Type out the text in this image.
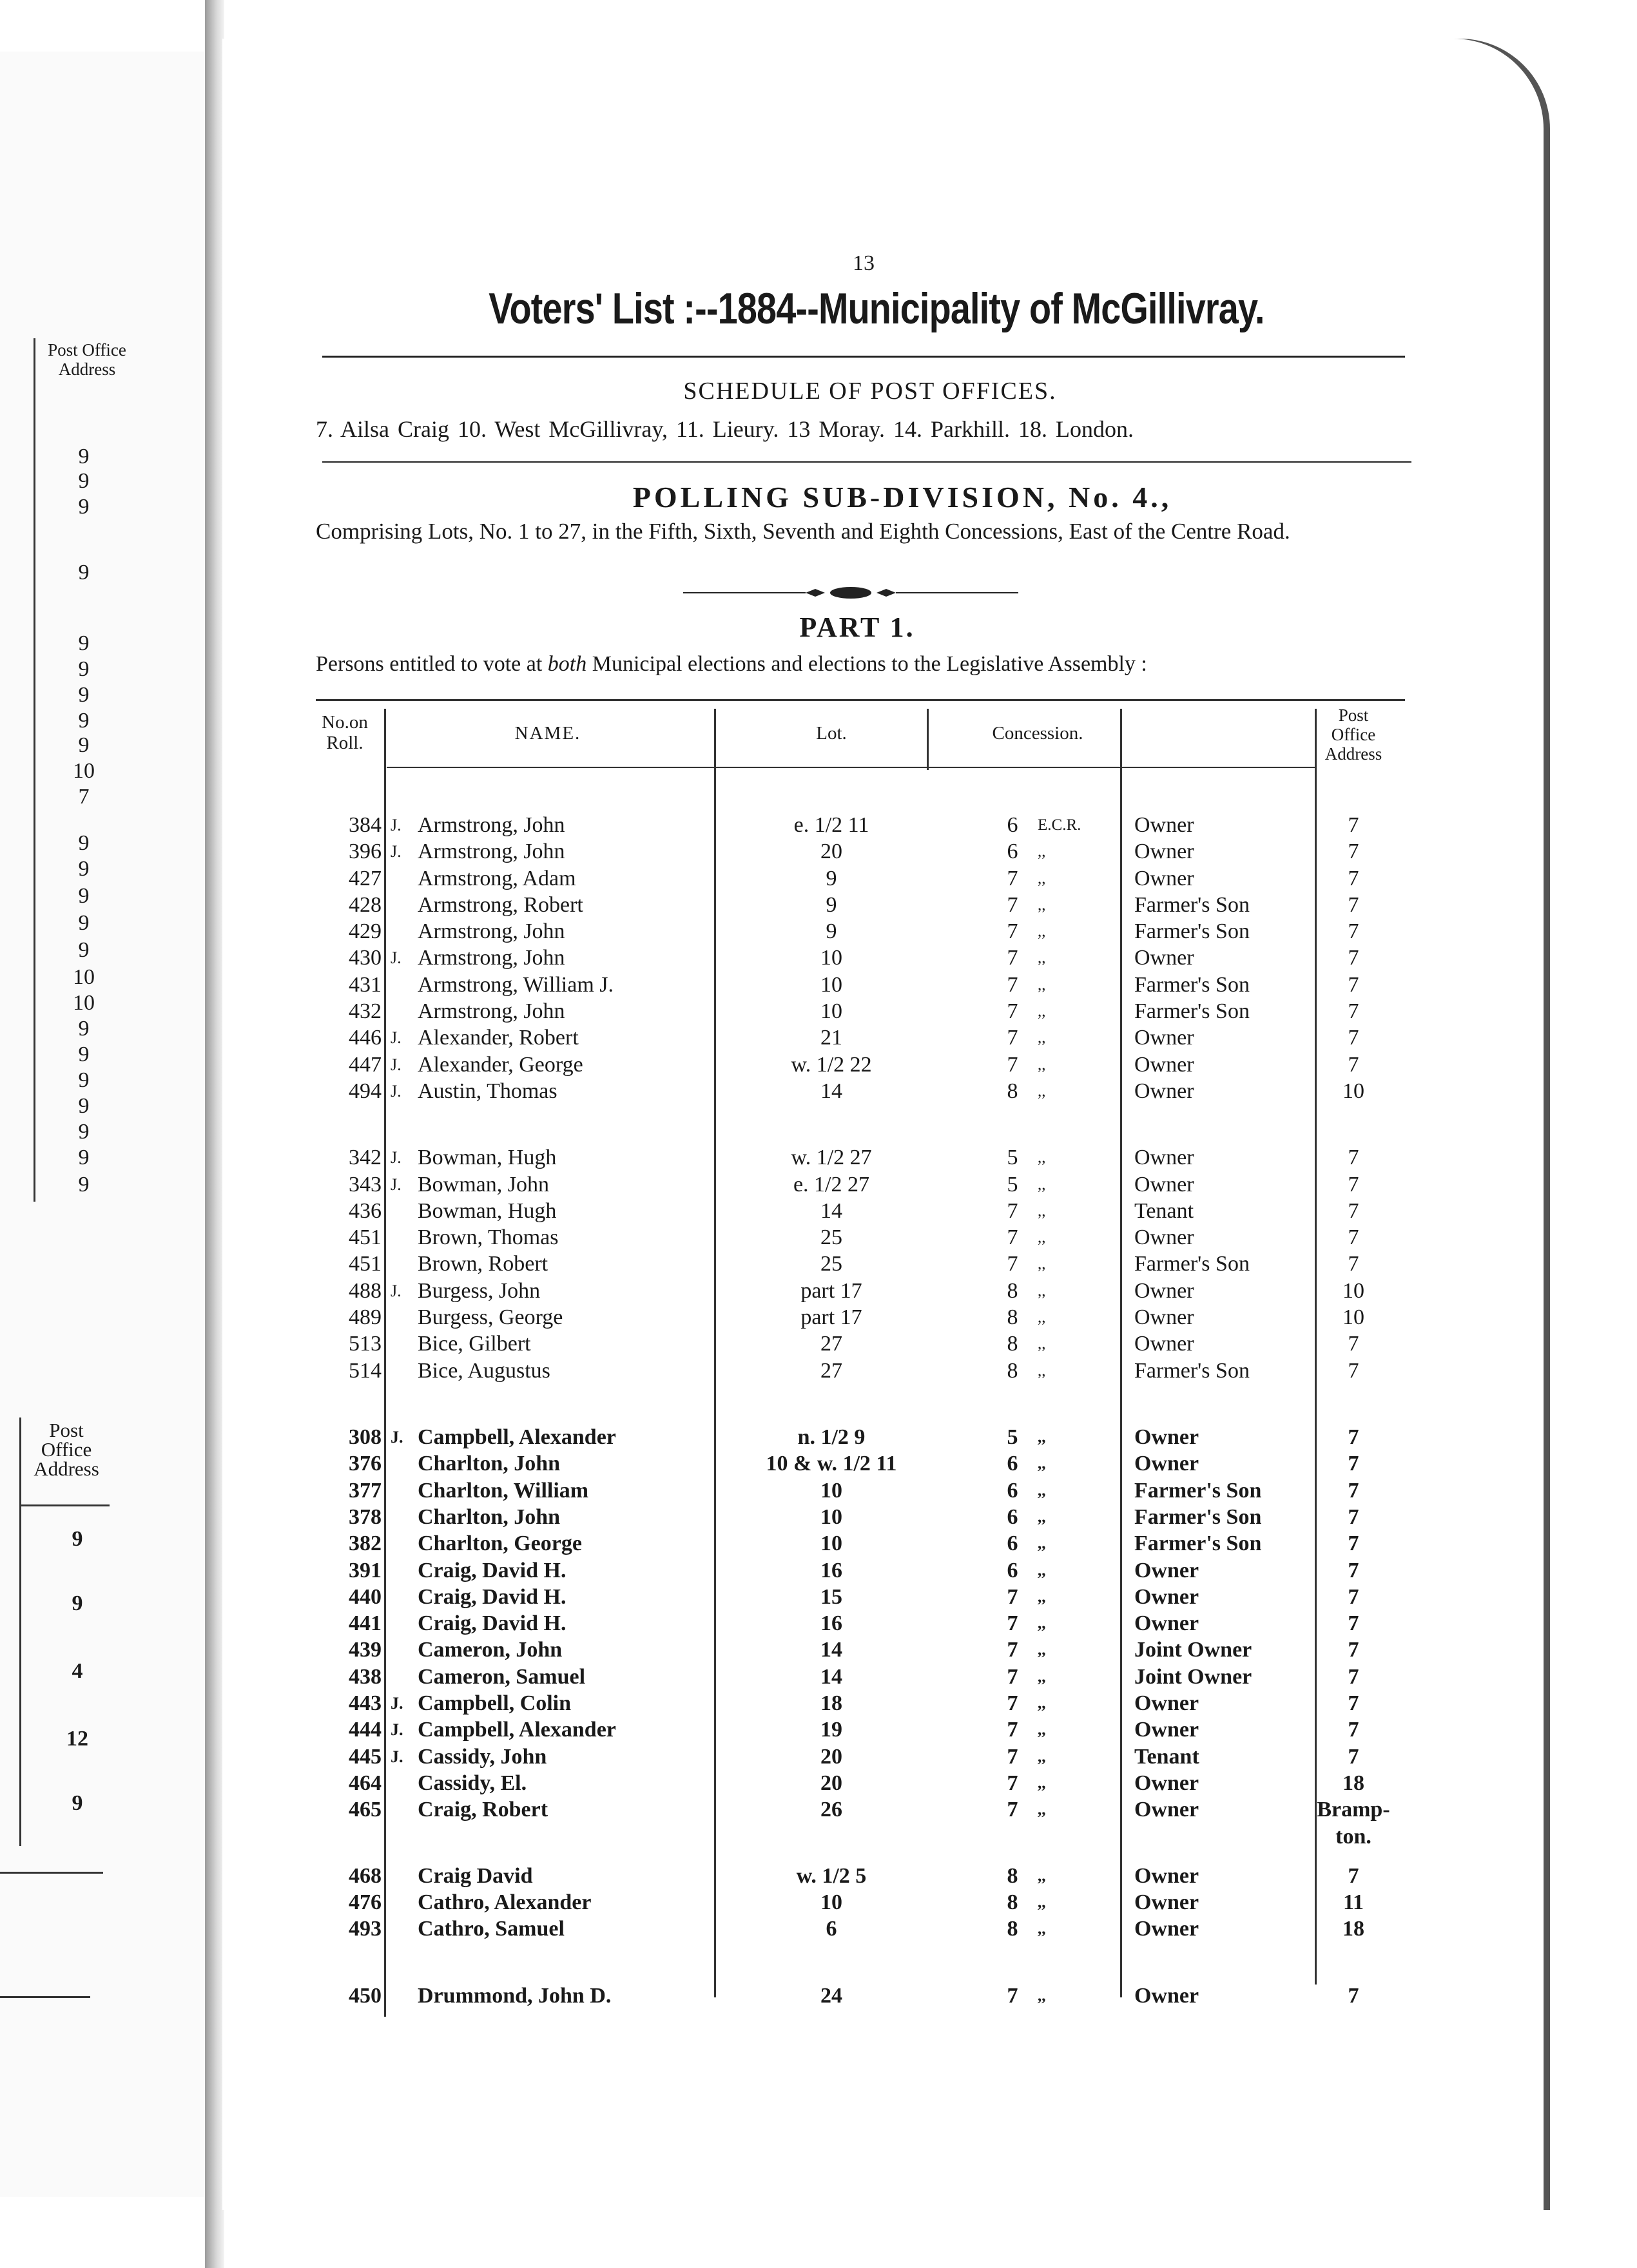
Post Office Address
9
9
9
9
9
9
9
9
9
10
7
9
9
9
9
9
10
10
9
9
9
9
9
9
9
Post Office Address
9
9
4
12
9
13
Voters' List :--1884--Municipality of McGillivray.
SCHEDULE OF POST OFFICES.
7. Ailsa Craig 10. West McGillivray, 11. Lieury. 13 Moray. 14. Parkhill. 18. London.
POLLING SUB-DIVISION, No. 4.,
Comprising Lots, No. 1 to 27, in the Fifth, Sixth, Seventh and Eighth Concessions, East of the Centre Road.
PART 1.
Persons entitled to vote at both Municipal elections and elections to the Legislative Assembly :
No.on Roll.	NAME.	Lot.	Concession.
Post Office Address
384 J. Armstrong, John	e. 1/2 11	6	E.C.R. Owner	7
396 J. Armstrong, John	20	6	,,	Owner	7
427 Armstrong, Adam	9	7	,,	Owner	7
428 Armstrong, Robert	9	7	,,	Farmer's Son	7
429 Armstrong, John	9	7	,,	Farmer's Son	7
430 J. Armstrong, John	10	7	,,	Owner	7
431 Armstrong, William J.	10	7	,,	Farmer's Son	7
432 Armstrong, John	10	7	,,	Farmer's Son	7
446 J. Alexander, Robert	21	7	,,	Owner	7
447 J. Alexander, George	w. 1/2 22	7	,,	Owner	7
494 J. Austin, Thomas	14	8	,,	Owner	10
342 J. Bowman, Hugh	w. 1/2 27	5	,,	Owner	7
343 J. Bowman, John	e. 1/2 27	5	,,	Owner	7
436 Bowman, Hugh	14	7	,,	Tenant	7
451 Brown, Thomas	25	7	,,	Owner	7
451 Brown, Robert	25	7	,,	Farmer's Son	7
488 J. Burgess, John	part 17	8	,,	Owner	10
489 Burgess, George	part 17	8	,,	Owner	10
513 Bice, Gilbert	27	8	,,	Owner	7
514 Bice, Augustus	27	8	,,	Farmer's Son	7
308 J. Campbell, Alexander	n. 1/2 9	5	,,	Owner	7
376 Charlton, John	10 & w. 1/2 11	6	,,	Owner	7
377 Charlton, William	10	6	,,	Farmer's Son	7
378 Charlton, John	10	6	,,	Farmer's Son	7
382 Charlton, George	10	6	,,	Farmer's Son	7
391 Craig, David H.	16	6	,,	Owner	7
440 Craig, David H.	15	7	,,	Owner	7
441 Craig, David H.	16	7	,,	Owner	7
439 Cameron, John	14	7	,,	Joint Owner	7
438 Cameron, Samuel	14	7	,,	Joint Owner	7
443 J. Campbell, Colin	18	7	,,	Owner	7
444 J. Campbell, Alexander	19	7	,,	Owner	7
445 J. Cassidy, John	20	7	,,	Tenant	7
464 Cassidy, El.	20	7	,,	Owner	18
465 Craig, Robert	26	7	,,	Owner	Bramp-
ton.
468 Craig David	w. 1/2 5	8	,,	Owner	7
476 Cathro, Alexander	10	8	,,	Owner	11
493 Cathro, Samuel	6	8	,,	Owner	18
450 Drummond, John D.	24	7	,,	Owner	7
